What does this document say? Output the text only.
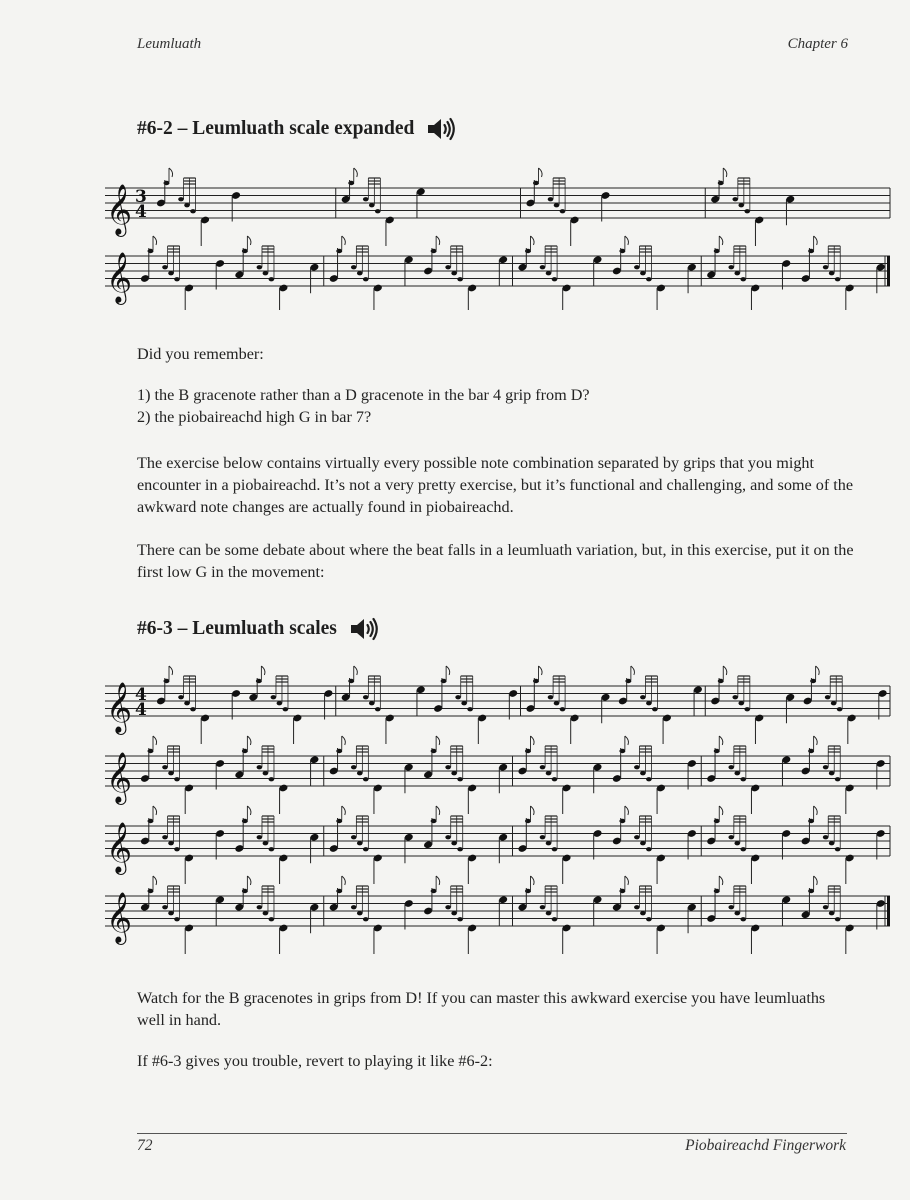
Leumluath	Chapter 6
#6-2 – Leumluath scale expanded
𝄞 3
4
𝄞
Did you remember:
1) the B gracenote rather than a D gracenote in the bar 4 grip from D?
2) the piobaireachd high G in bar 7?
The exercise below contains virtually every possible note combination separated by grips that you might encounter in a piobaireachd. It’s not a very pretty exercise, but it’s functional and challenging, and some of the awkward note changes are actually found in piobaireachd.
There can be some debate about where the beat falls in a leumluath variation, but, in this exercise, put it on the first low G in the movement:
#6-3 – Leumluath scales
𝄞 4
4
𝄞
𝄞
𝄞
Watch for the B gracenotes in grips from D! If you can master this awkward exercise you have leumluaths well in hand.
If #6-3 gives you trouble, revert to playing it like #6-2:
72	Piobaireachd Fingerwork
